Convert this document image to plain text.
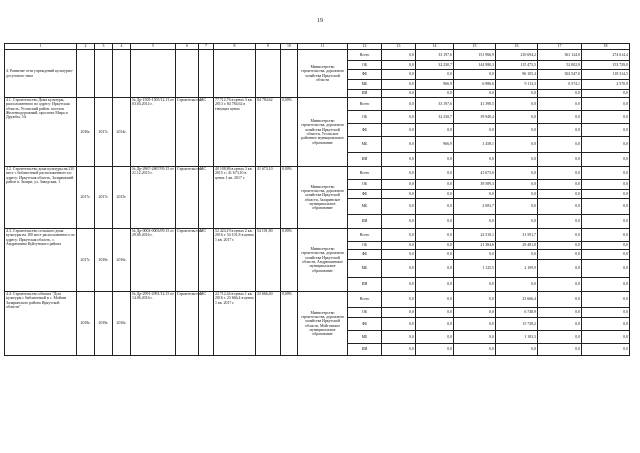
19
1	2	3	4	5	6	7	8	9	10	11	12	13	14	15	16	17	18
4. Развитие сети учреждений культурно-досугового типа										Министерство строительства, дорожного хозяйства Иркутской области	Всего	0,0	33 197,6	151 966,9	210 694,2	361 124,0	274 614,4
											ОБ	0,0	32 230,7	144 980,3	115 475,5	52 002,9	153 729,0
											ФБ	0,0	0,0	0,0	86 105,4	302 547,0	118 314,5
											МБ	0,0	966,9	6 986,6	9 113,3	6 574,1	2 570,9
											ИИ	0,0	0,0	0,0	0,0	0,0	0,0
4.1. Строительство Дома культуры, расположенного по адресу: Иркутская область, Усольский район, поселок Железнодорожный, проспект Мира и Дружбы, 5А	2016г.	2017г.	2014г.	№ Др-1505-1505/12.13 от 03.04.2014 г.	Строительство	МС	77 712,76 в ценах 3 кв. 2013 г. 84 784,62 в текущих ценах	84 784,62	0,00%	Министерство строительства, дорожного хозяйства Иркутской области, Усольское районное муниципальное образование	Всего	0,0	33 197,6	41 398,5	0,0	0,0	0,0
											ОБ	0,0	32 230,7	39 940,4	0,0	0,0	0,0
											ФБ	0,0	0,0	0,0	0,0	0,0	0,0
											МБ	0,0	966,9	1 458,1	0,0	0,0	0,0
											ИИ	0,0	0,0	0,0	0,0	0,0	0,0
4.2. Строительство дома культуры на 210 мест с библиотекой расположенного по адресу: Иркутская область, Заларинский район п. Залари, ул. Заводская, 1	2017г.	2017г.	2015г.	№ Др-2867-2867/09.15 от 21.12.2015 г.	Строительство	МС	40 108,86 в ценах 3 кв. 2015 г.; 41 673,10 в ценах 1 кв. 2017 г.	41 673,10	0,00%	Министерство строительства, дорожного хозяйства Иркутской области, Заларинское муниципальное образование	Всего	0,0	0,0	41 673,0	0,0	0,0	0,0
											ОБ	0,0	0,0	39 589,3	0,0	0,0	0,0
											ФБ	0,0	0,0	0,0	0,0	0,0	0,0
											МБ	0,0	0,0	2 083,7	0,0	0,0	0,0
											ИИ	0,0	0,0	0,0	0,0	0,0	0,0
4.3. Строительство сельского дома культуры на 100 мест расположенного по адресу: Иркутская область, с. Андрюшино Куйтунского района	2017г.	2018г.	2016г.	№ Др-0003-0003/09.15 от 29.06.2016 г.	Строительство	МС	52 424,19 в ценах 2 кв. 2016 г. 54 101,8 в ценах 1 кв. 2017 г.	54 101,80	0,00%	Министерство строительства, дорожного хозяйства Иркутской области, Андрюшинское муниципальное образование	Всего	0,0	0,0	22 510,1	31 591,7	0,0	0,0
											ОБ	0,0	0,0	21 384,6	29 481,8	0,0	0,0
											ФБ	0,0	0,0	0,0	0,0	0,0	0,0
											МБ	0,0	0,0	1 125,5	2 109,9	0,0	0,0
											ИИ	0,0	0,0	0,0	0,0	0,0	0,0
4.4. Строительство объекта "Дом культуры с библиотекой в с. Мойган Заларинского района Иркутской области"	2018г.	2018г.	2016г.	№ Др-2991-2991/12.15 от 14.06.2016 г.	Строительство	МС	22 712,44 в ценах 1 кв. 2016 г. 23 666,4 в ценах 1 кв. 2017 г.	23 666,40	0,00%	Министерство строительства, дорожного хозяйства Иркутской области, Мойганское муниципальное образование	Всего	0,0	0,0	0,0	23 666,4	0,0	0,0
											ОБ	0,0	0,0	0,0	6 748,9	0,0	0,0
											ФБ	0,0	0,0	0,0	15 738,2	0,0	0,0
											МБ	0,0	0,0	0,0	1 183,3	0,0	0,0
											ИИ	0,0	0,0	0,0	0,0	0,0	0,0
